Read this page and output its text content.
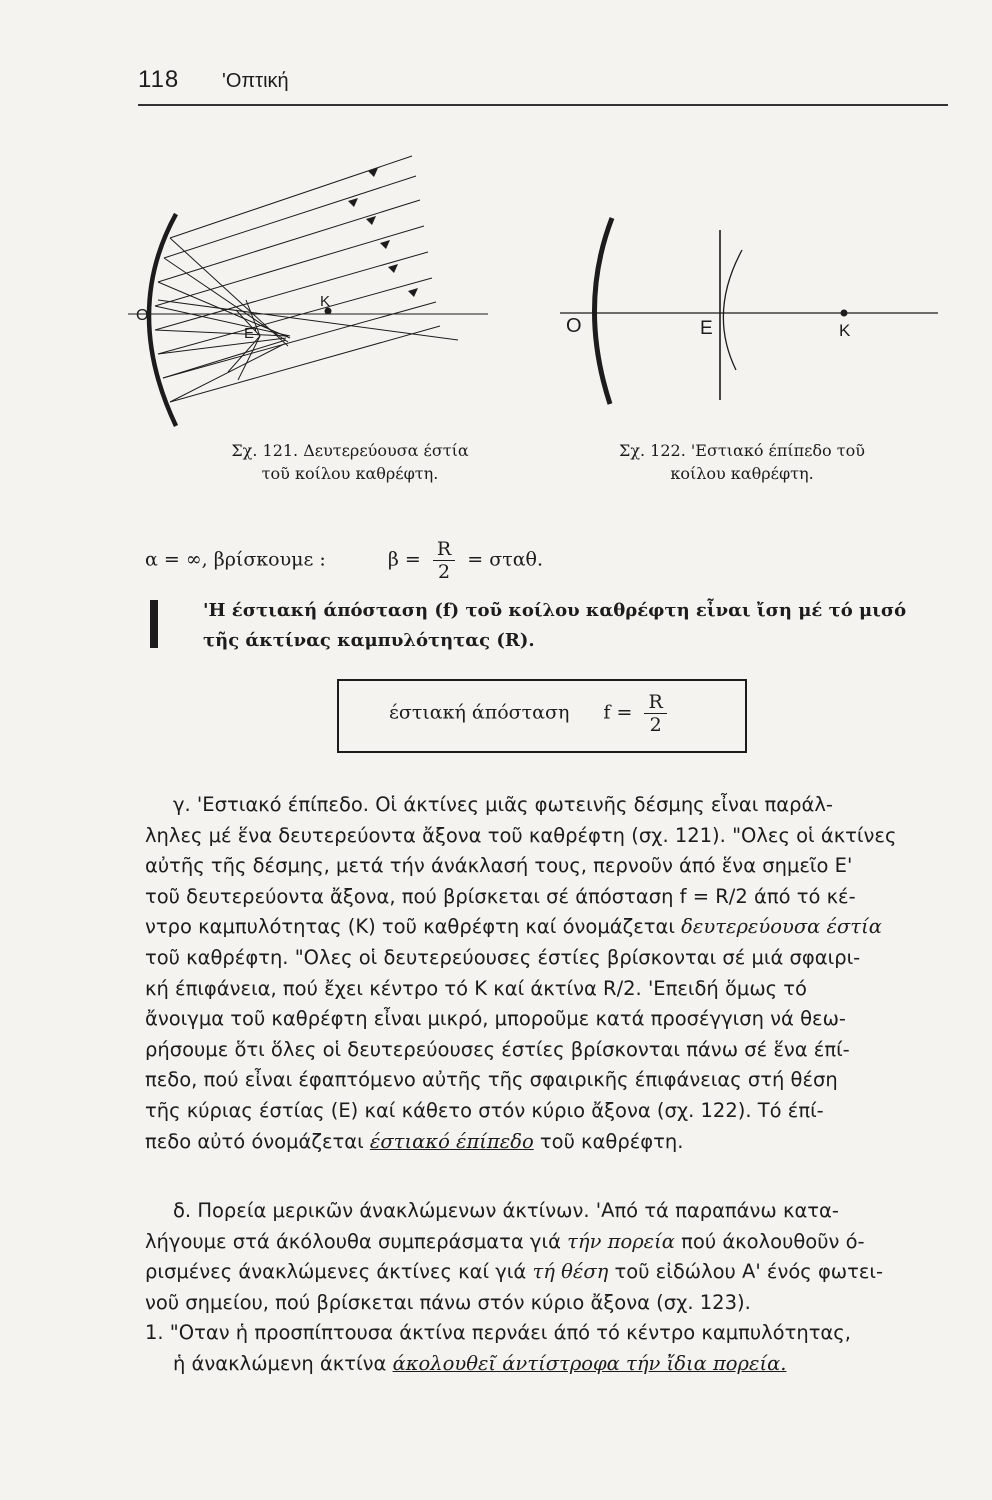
118 'Οπτική
O
E'
K
Σχ. 121. Δευτερεύουσα έστία
τοῦ κοίλου καθρέφτη.
O	E	K
Σχ. 122. 'Εστιακό έπίπεδο τοῦ
κοίλου καθρέφτη.
α = ∞, βρίσκουμε :	$\beta = \frac{R}{2} = \sigma\tau\alpha\theta$.
'Η έστιακή άπόσταση (f) τοῦ κοίλου καθρέφτη εἶναι ἴση μέ τό μισό
τῆς άκτίνας καμπυλότητας (R).
έστιακή άπόσταση $f = \frac{R}{2}$
γ. 'Εστιακό έπίπεδο. Οἱ άκτίνες μιᾶς φωτεινῆς δέσμης εἶναι παράλ-
ληλες μέ ἕνα δευτερεύοντα ἄξονα τοῦ καθρέφτη (σχ. 121). "Ολες οἱ άκτίνες
αὐτῆς τῆς δέσμης, μετά τήν άνάκλασή τους, περνοῦν άπό ἕνα σημεῖο Ε'
τοῦ δευτερεύοντα ἄξονα, πού βρίσκεται σέ άπόσταση f = R/2 άπό τό κέ-
ντρο καμπυλότητας (Κ) τοῦ καθρέφτη καί όνομάζεται δευτερεύουσα έστία
τοῦ καθρέφτη. "Ολες οἱ δευτερεύουσες έστίες βρίσκονται σέ μιά σφαιρι-
κή έπιφάνεια, πού ἔχει κέντρο τό Κ καί άκτίνα R/2. 'Επειδή ὅμως τό
ἄνοιγμα τοῦ καθρέφτη εἶναι μικρό, μποροῦμε κατά προσέγγιση νά θεω-
ρήσουμε ὅτι ὅλες οἱ δευτερεύουσες έστίες βρίσκονται πάνω σέ ἕνα έπί-
πεδο, πού εἶναι έφαπτόμενο αὐτῆς τῆς σφαιρικῆς έπιφάνειας στή θέση
τῆς κύριας έστίας (Ε) καί κάθετο στόν κύριο ἄξονα (σχ. 122). Τό έπί-
πεδο αὐτό όνομάζεται έστιακό έπίπεδο τοῦ καθρέφτη.
δ. Πορεία μερικῶν άνακλώμενων άκτίνων. 'Από τά παραπάνω κατα-
λήγουμε στά άκόλουθα συμπεράσματα γιά τήν πορεία πού άκολουθοῦν ό-
ρισμένες άνακλώμενες άκτίνες καί γιά τή θέση τοῦ εἰδώλου Α' ένός φωτει-
νοῦ σημείου, πού βρίσκεται πάνω στόν κύριο ἄξονα (σχ. 123).
1. "Οταν ἡ προσπίπτουσα άκτίνα περνάει άπό τό κέντρο καμπυλότητας,
ἡ άνακλώμενη άκτίνα άκολουθεῖ άντίστροφα τήν ἴδια πορεία.
